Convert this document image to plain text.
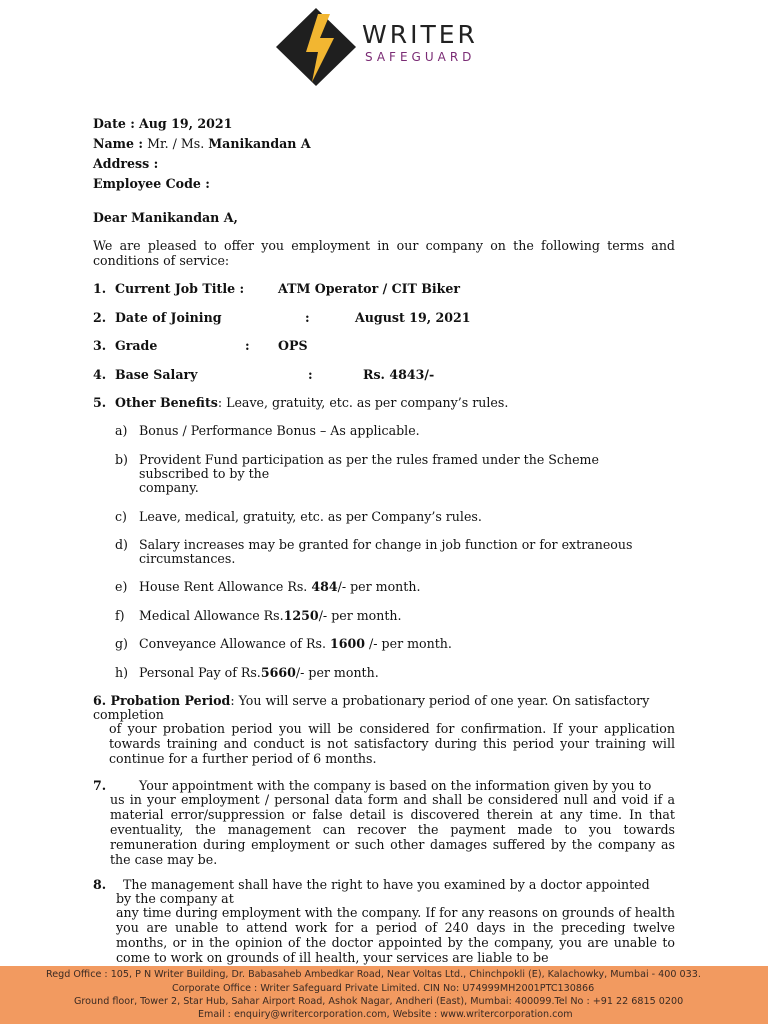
WRITER
SAFEGUARD
Date : Aug 19, 2021
Name : Mr. / Ms. Manikandan A
Address :
Employee Code :
Dear Manikandan A,
We are pleased to offer you employment in our company on the following terms and conditions of service:
1. Current Job Title :	ATM Operator / CIT Biker
2. Date of Joining	:	August 19, 2021
3. Grade	: OPS
4. Base Salary	:	Rs. 4843/-
5. Other Benefits: Leave, gratuity, etc. as per company’s rules.
a) Bonus / Performance Bonus – As applicable.
b) Provident Fund participation as per the rules framed under the Scheme
subscribed to by the
company.
c) Leave, medical, gratuity, etc. as per Company’s rules.
d) Salary increases may be granted for change in job function or for extraneous
circumstances.
e) House Rent Allowance Rs. 484/- per month.
f) Medical Allowance Rs.1250/- per month.
g) Conveyance Allowance of Rs. 1600 /- per month.
h) Personal Pay of Rs.5660/- per month.
6. Probation Period: You will serve a probationary period of one year. On satisfactory
completion
of your probation period you will be considered for confirmation. If your application towards training and conduct is not satisfactory during this period your training will continue for a further period of 6 months.
7.	Your appointment with the company is based on the information given by you to
us in your employment / personal data form and shall be considered null and void if a material error/suppression or false detail is discovered therein at any time. In that eventuality, the management can recover the payment made to you towards remuneration during employment or such other damages suffered by the company as the case may be.
8. The management shall have the right to have you examined by a doctor appointed
by the company at
any time during employment with the company. If for any reasons on grounds of health you are unable to attend work for a period of 240 days in the preceding twelve months, or in the opinion of the doctor appointed by the company, you are unable to come to work on grounds of ill health, your services are liable to be
Regd Office : 105, P N Writer Building, Dr. Babasaheb Ambedkar Road, Near Voltas Ltd., Chinchpokli (E), Kalachowky, Mumbai - 400 033.
Corporate Office : Writer Safeguard Private Limited. CIN No: U74999MH2001PTC130866
Ground floor, Tower 2, Star Hub, Sahar Airport Road, Ashok Nagar, Andheri (East), Mumbai: 400099.Tel No : +91 22 6815 0200
Email : enquiry@writercorporation.com, Website : www.writercorporation.com
